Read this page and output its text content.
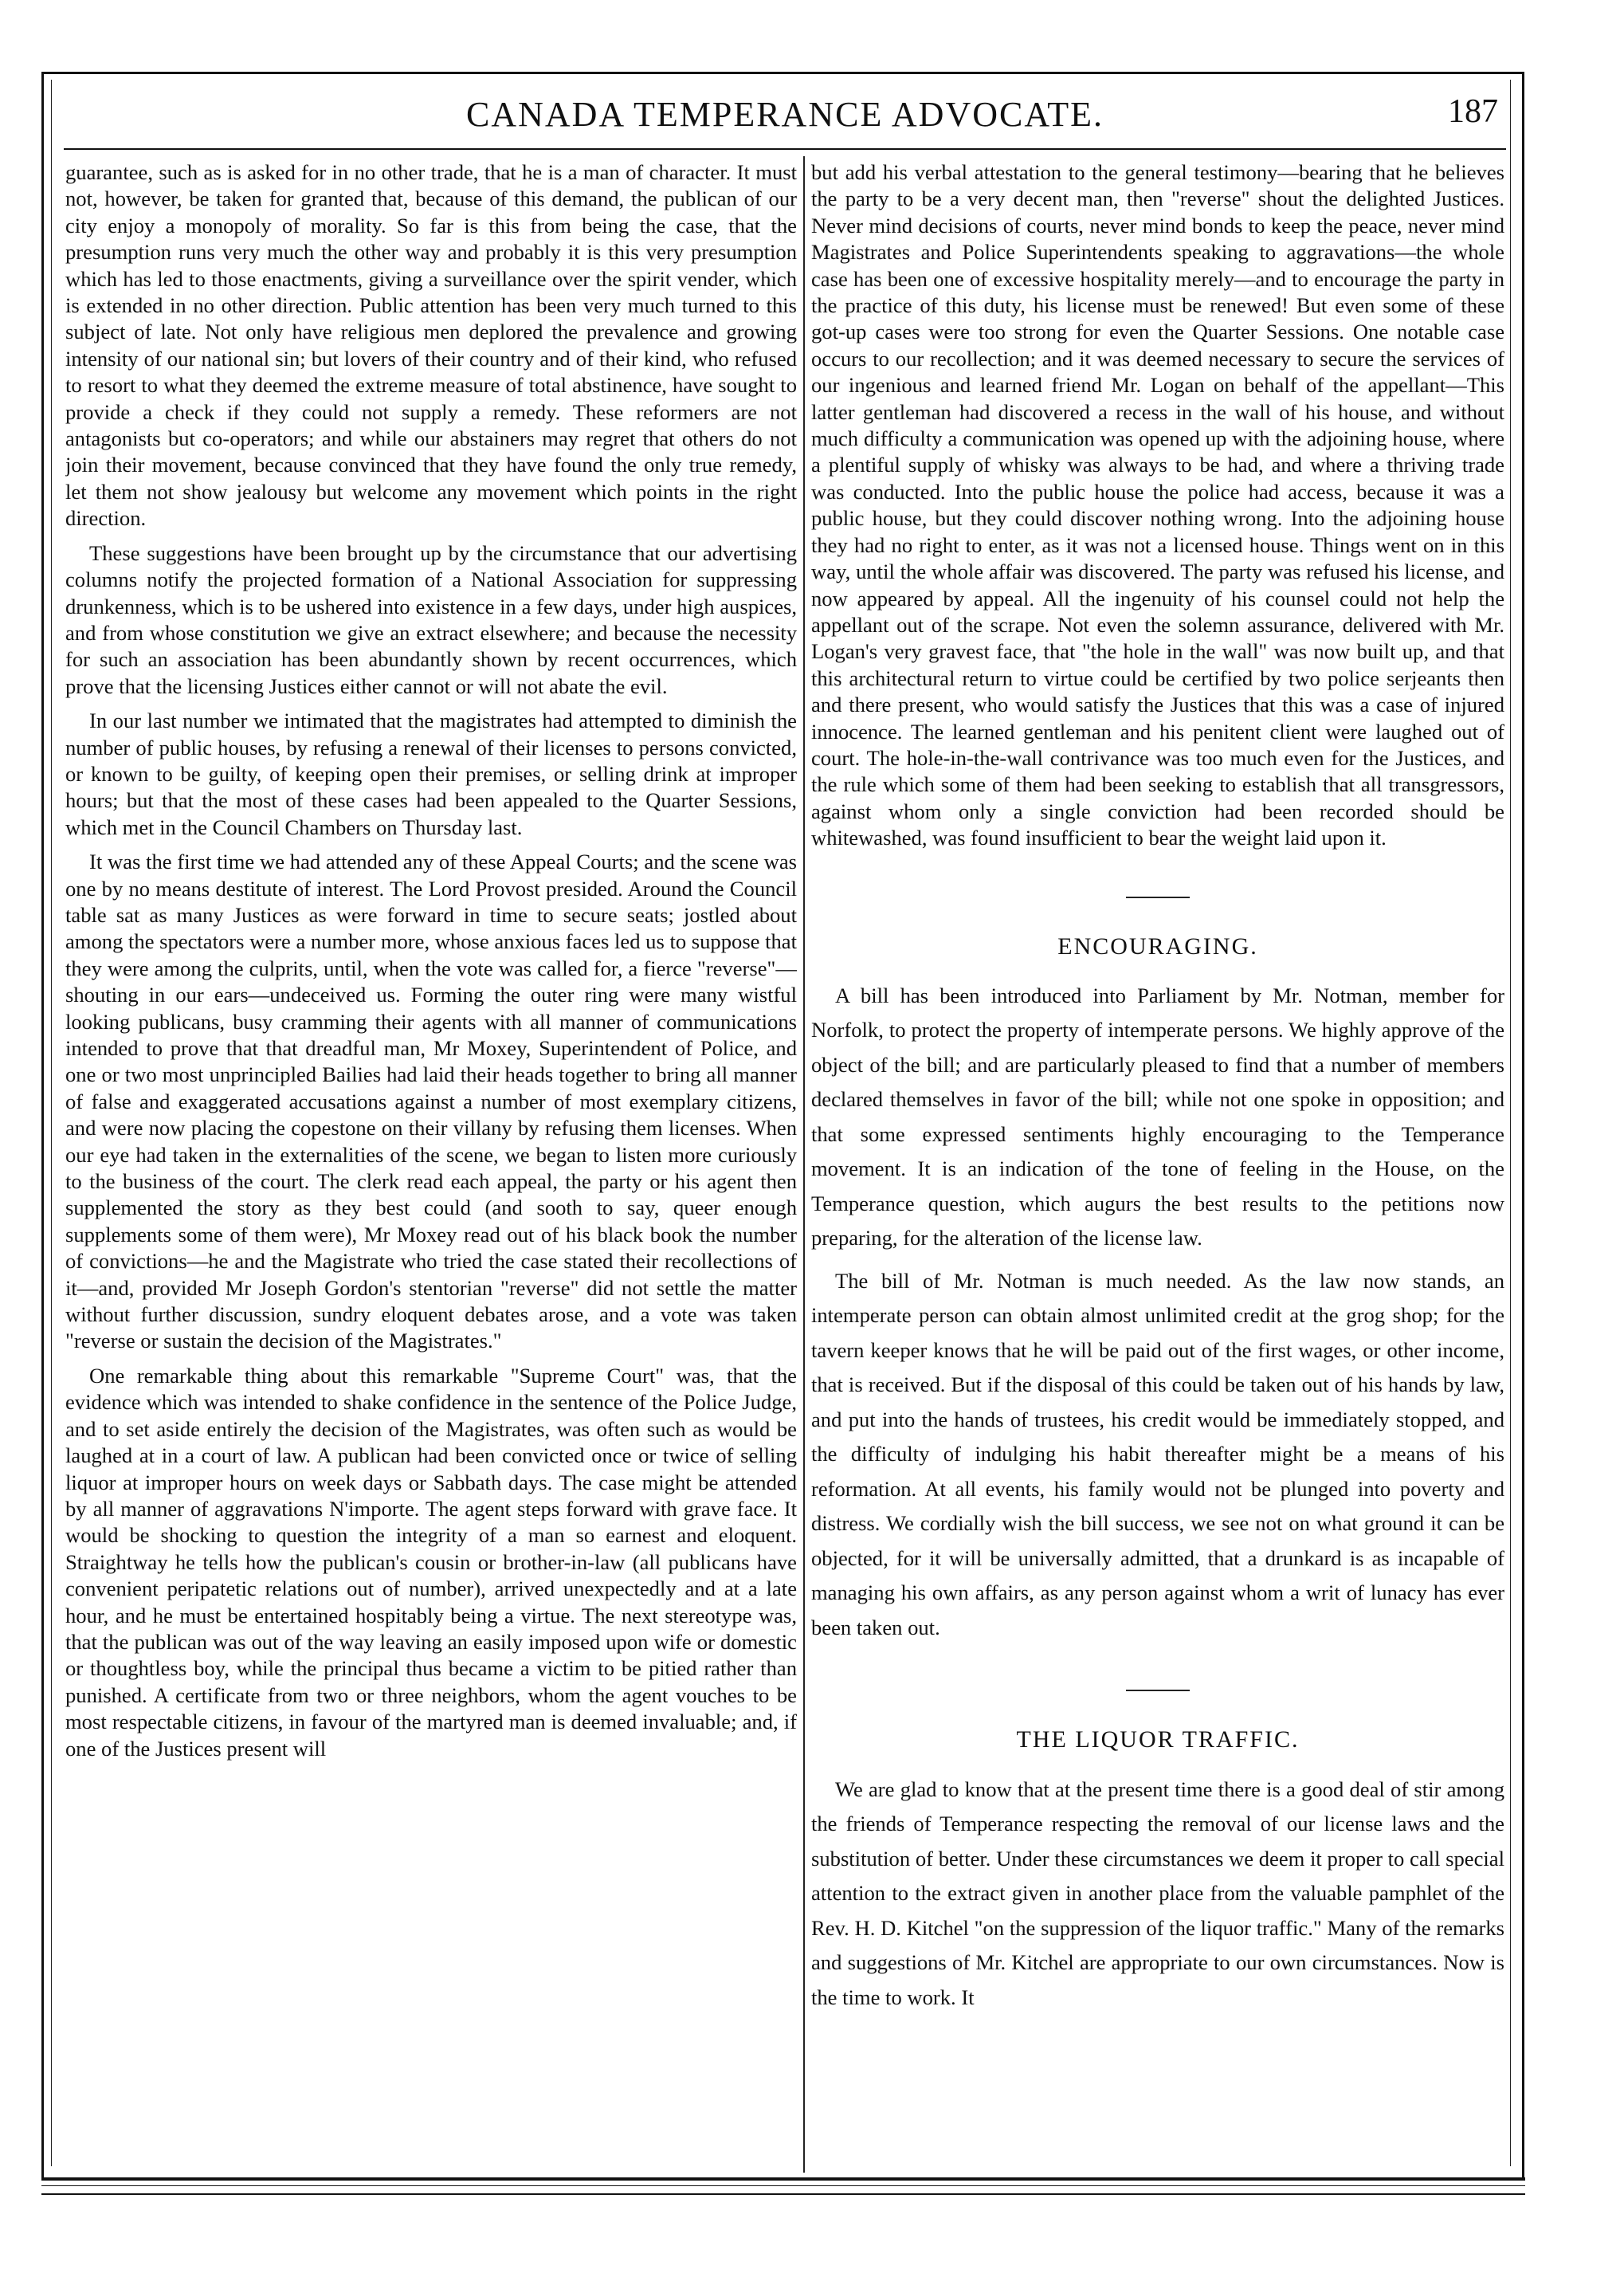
CANADA TEMPERANCE ADVOCATE.	187

guarantee, such as is asked for in no other trade, that he is a man of character. It must not, however, be taken for granted that, because of this demand, the publican of our city enjoy a monopoly of morality. So far is this from being the case, that the presumption runs very much the other way and probably it is this very presumption which has led to those enactments, giving a surveillance over the spirit vender, which is extended in no other direction. Public attention has been very much turned to this subject of late. Not only have religious men deplored the prevalence and growing intensity of our national sin; but lovers of their country and of their kind, who refused to resort to what they deemed the extreme measure of total abstinence, have sought to provide a check if they could not supply a remedy. These reformers are not antagonists but co-operators; and while our abstainers may regret that others do not join their movement, because convinced that they have found the only true remedy, let them not show jealousy but welcome any movement which points in the right direction.

These suggestions have been brought up by the circumstance that our advertising columns notify the projected formation of a National Association for suppressing drunkenness, which is to be ushered into existence in a few days, under high auspices, and from whose constitution we give an extract elsewhere; and because the necessity for such an association has been abundantly shown by recent occurrences, which prove that the licensing Justices either cannot or will not abate the evil.

In our last number we intimated that the magistrates had attempted to diminish the number of public houses, by refusing a renewal of their licenses to persons convicted, or known to be guilty, of keeping open their premises, or selling drink at improper hours; but that the most of these cases had been appealed to the Quarter Sessions, which met in the Council Chambers on Thursday last.

It was the first time we had attended any of these Appeal Courts; and the scene was one by no means destitute of interest. The Lord Provost presided. Around the Council table sat as many Justices as were forward in time to secure seats; jostled about among the spectators were a number more, whose anxious faces led us to suppose that they were among the culprits, until, when the vote was called for, a fierce "reverse"—shouting in our ears—undeceived us. Forming the outer ring were many wistful looking publicans, busy cramming their agents with all manner of communications intended to prove that that dreadful man, Mr Moxey, Superintendent of Police, and one or two most unprincipled Bailies had laid their heads together to bring all manner of false and exaggerated accusations against a number of most exemplary citizens, and were now placing the copestone on their villany by refusing them licenses. When our eye had taken in the externalities of the scene, we began to listen more curiously to the business of the court. The clerk read each appeal, the party or his agent then supplemented the story as they best could (and sooth to say, queer enough supplements some of them were), Mr Moxey read out of his black book the number of convictions—he and the Magistrate who tried the case stated their recollections of it—and, provided Mr Joseph Gordon's stentorian "reverse" did not settle the matter without further discussion, sundry eloquent debates arose, and a vote was taken "reverse or sustain the decision of the Magistrates."

One remarkable thing about this remarkable "Supreme Court" was, that the evidence which was intended to shake confidence in the sentence of the Police Judge, and to set aside entirely the decision of the Magistrates, was often such as would be laughed at in a court of law. A publican had been convicted once or twice of selling liquor at improper hours on week days or Sabbath days. The case might be attended by all manner of aggravations N'importe. The agent steps forward with grave face. It would be shocking to question the integrity of a man so earnest and eloquent. Straightway he tells how the publican's cousin or brother-in-law (all publicans have convenient peripatetic relations out of number), arrived unexpectedly and at a late hour, and he must be entertained hospitably being a virtue. The next stereotype was, that the publican was out of the way leaving an easily imposed upon wife or domestic or thoughtless boy, while the principal thus became a victim to be pitied rather than punished. A certificate from two or three neighbors, whom the agent vouches to be most respectable citizens, in favour of the martyred man is deemed invaluable; and, if one of the Justices present will

but add his verbal attestation to the general testimony—bearing that he believes the party to be a very decent man, then "reverse" shout the delighted Justices. Never mind decisions of courts, never mind bonds to keep the peace, never mind Magistrates and Police Superintendents speaking to aggravations—the whole case has been one of excessive hospitality merely—and to encourage the party in the practice of this duty, his license must be renewed! But even some of these got-up cases were too strong for even the Quarter Sessions. One notable case occurs to our recollection; and it was deemed necessary to secure the services of our ingenious and learned friend Mr. Logan on behalf of the appellant—This latter gentleman had discovered a recess in the wall of his house, and without much difficulty a communication was opened up with the adjoining house, where a plentiful supply of whisky was always to be had, and where a thriving trade was conducted. Into the public house the police had access, because it was a public house, but they could discover nothing wrong. Into the adjoining house they had no right to enter, as it was not a licensed house. Things went on in this way, until the whole affair was discovered. The party was refused his license, and now appeared by appeal. All the ingenuity of his counsel could not help the appellant out of the scrape. Not even the solemn assurance, delivered with Mr. Logan's very gravest face, that "the hole in the wall" was now built up, and that this architectural return to virtue could be certified by two police serjeants then and there present, who would satisfy the Justices that this was a case of injured innocence. The learned gentleman and his penitent client were laughed out of court. The hole-in-the-wall contrivance was too much even for the Justices, and the rule which some of them had been seeking to establish that all transgressors, against whom only a single conviction had been recorded should be whitewashed, was found insufficient to bear the weight laid upon it.

ENCOURAGING.

A bill has been introduced into Parliament by Mr. Notman, member for Norfolk, to protect the property of intemperate persons. We highly approve of the object of the bill; and are particularly pleased to find that a number of members declared themselves in favor of the bill; while not one spoke in opposition; and that some expressed sentiments highly encouraging to the Temperance movement. It is an indication of the tone of feeling in the House, on the Temperance question, which augurs the best results to the petitions now preparing, for the alteration of the license law.

The bill of Mr. Notman is much needed. As the law now stands, an intemperate person can obtain almost unlimited credit at the grog shop; for the tavern keeper knows that he will be paid out of the first wages, or other income, that is received. But if the disposal of this could be taken out of his hands by law, and put into the hands of trustees, his credit would be immediately stopped, and the difficulty of indulging his habit thereafter might be a means of his reformation. At all events, his family would not be plunged into poverty and distress. We cordially wish the bill success, we see not on what ground it can be objected, for it will be universally admitted, that a drunkard is as incapable of managing his own affairs, as any person against whom a writ of lunacy has ever been taken out.

THE LIQUOR TRAFFIC.

We are glad to know that at the present time there is a good deal of stir among the friends of Temperance respecting the removal of our license laws and the substitution of better. Under these circumstances we deem it proper to call special attention to the extract given in another place from the valuable pamphlet of the Rev. H. D. Kitchel "on the suppression of the liquor traffic." Many of the remarks and suggestions of Mr. Kitchel are appropriate to our own circumstances. Now is the time to work. It
